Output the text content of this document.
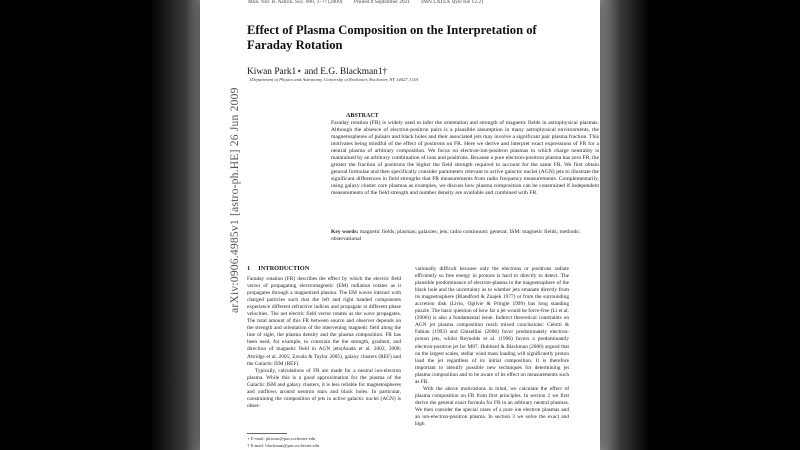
Mon. Not. R. Astron. Soc. 000, 1–?? (2009) Printed 8 September 2021 (MN LATEX style file v2.2)
arXiv:0906.4985v1 [astro-ph.HE] 26 Jun 2009
Effect of Plasma Composition on the Interpretation of Faraday Rotation
Kiwan Park1⋆ and E.G. Blackman1†
1Department of Physics and Astronomy, University of Rochester, Rochester, NY 14627, USA
ABSTRACT
Faraday rotation (FR) is widely used to infer the orientation and strength of magnetic fields in astrophysical plasmas. Although the absence of electron-positron pairs is a plausible assumption in many astrophysical environments, the magnetospheres of pulsars and black holes and their associated jets may involve a significant pair plasma fraction. This motivates being mindful of the effect of positrons on FR. Here we derive and interpret exact expressions of FR for a neutral plasma of arbitrary composition. We focus on electron-ion-positron plasmas in which charge neutrality is maintained by an arbitrary combination of ions and positrons. Because a pure electron-positron plasma has zero FR, the greater the fraction of positrons the higher the field strength required to account for the same FR. We first obtain general formulae and then specifically consider parameters relevant to active galactic nuclei (AGN) jets to illustrate the significant differences in field strengths that FR measurements from radio frequency measurements. Complementarily, using galaxy cluster core plasmas as examples, we discuss how plasma composition can be constrained if independent measurements of the field strength and number density are available and combined with FR.
Key words: magnetic fields; plasmas; galaxies; jets; radio continuum: general; ISM: magnetic fields; methods: observational
1 INTRODUCTION

Faraday rotation (FR) describes the effect by which the electric field vector of propagating electromagnetic (EM) radiation rotates as it propagates through a magnetized plasma. The EM waves interact with charged particles such that the left and right handed components experience different refractive indices and propagate at different phase velocities. The net electric field vector rotates as the wave propagates. The total amount of this FR between source and observer depends on the strength and orientation of the intervening magnetic field along the line of sight, the plasma density and the plasma composition. FR has been used, for example, to constrain the the strength, gradient, and direction of magnetic field in AGN jets(Asada et al. 2002, 2008; Attridge et al. 2005; Zavala & Taylor 2005), galaxy clusters (REF) and the Galactic ISM (REF).

Typically, calculations of FR are made for a neutral ion-electron plasma. While this is a good approximation for the plasma of the Galactic ISM and galaxy clusters, it is less reliable for magnetospheres and outflows around neutron stars and black holes. In particular, constraining the composition of jets in active galactic nuclei (AGN) is obser-

vationally difficult because only the electrons or positrons radiate efficiently so free energy in protons is hard to directly to detect. The plausible predominance of electron-plasma in the magnetosphere of the black hole and the uncertainty as to whether jets emanate directly from its magnetosphere (Blandford & Znajek 1977) or from the surrounding accretion disk (Livio, Ogilvie & Pringle 1999) has long standing puzzle. The basic question of how far a jet would be force-free (Li et al. (2006)) is also a fundamental issue. Indirect theoretical constraints on AGN jet plasma composition reach mixed conclusions: Celotti & Fabian (1993) and Ghisellini (2008) favor predominately electron-proton jets, whilst Reynolds et al. (1996) favors a predominantly electron-positron jet for M87. Hubbard & Blackman (2006) argued that on the largest scales, stellar wind mass loading will significantly proton load the jet regardless of its initial composition. It is therefore important to identify possible new techniques for determining jet plasma composition and to be aware of its effect on measurements such as FR.

With the above motivations in mind, we calculate the effect of plasma composition on FR from first principles. In section 2 we first derive the general exact formula for FR in an arbitrary neutral plasmas. We then consider the special cases of a pure ion electron plasmas and an ion-electron-positron plasma. In section 3 we solve the exact and high

⋆ E-mail: pkiwan@pas.rochester.edu
† E-mail: blackman@pas.rochester.edu
